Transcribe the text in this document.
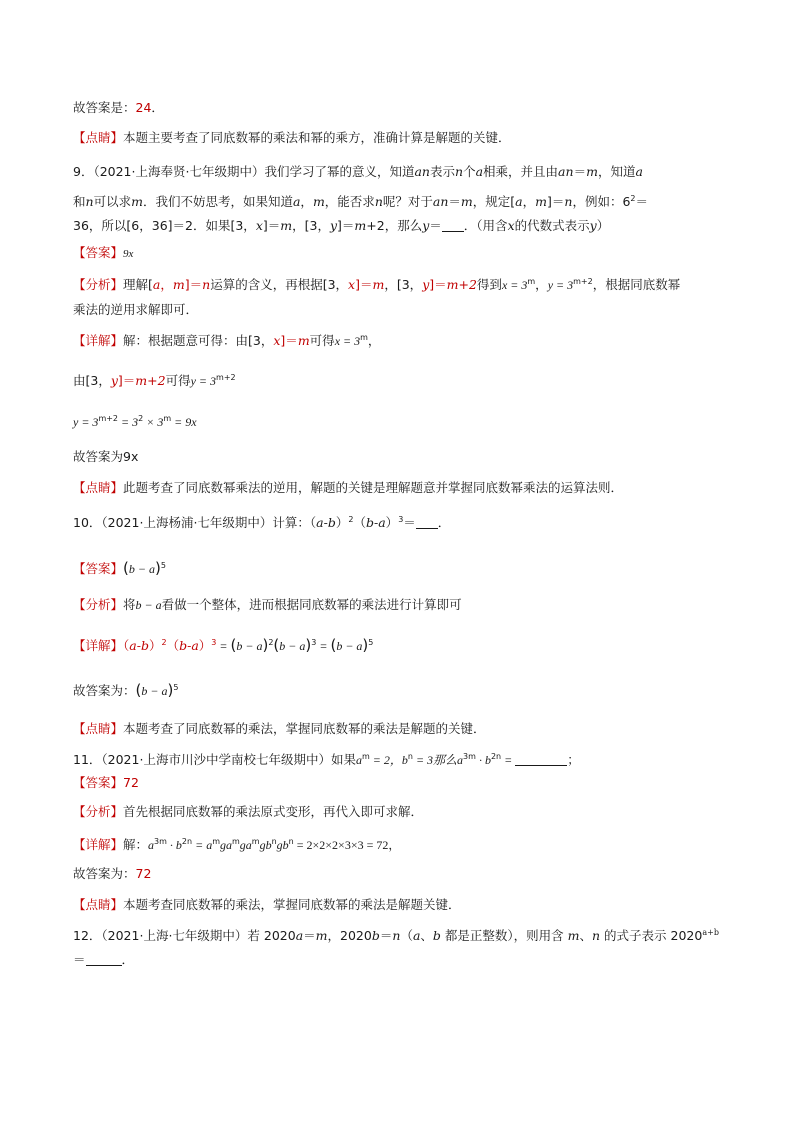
故答案是：24．
【点睛】本题主要考查了同底数幂的乘法和幂的乘方，准确计算是解题的关键．
9．（2021·上海奉贤·七年级期中）我们学习了幂的意义，知道an表示n个a相乘，并且由an＝m，知道a
和n可以求m．我们不妨思考，如果知道a，m，能否求n呢？对于an＝m，规定[a，m]＝n，例如：$6^2=$
36，所以[6，36]＝2．如果[3，x]＝m，[3，y]＝m+2，那么y＝ ．（用含x的代数式表示y）
【答案】9x
【分析】理解[a，m]＝n运算的含义，再根据[3，x]＝m，[3，y]＝m+2得到$x = 3^m$，$y = 3^{m+2}$，根据同底数幂
乘法的逆用求解即可．
【详解】解：根据题意可得：由[3，x]＝m可得$x = 3^m$，
由[3，y]＝m+2可得$y = 3^{m+2}$
$y = 3^{m+2} = 3^2 \times 3^m = 9x$
故答案为9x
【点睛】此题考查了同底数幂乘法的逆用，解题的关键是理解题意并掌握同底数幂乘法的运算法则．
10．（2021·上海杨浦·七年级期中）计算：$(a-b)^2(b-a)^3=$ ．
【答案】$(b - a)^5$
【分析】将b − a看做一个整体，进而根据同底数幂的乘法进行计算即可
【详解】$(a-b)^2(b-a)^3 = (b - a)^2(b - a)^3 = (b - a)^5$
故答案为：$(b - a)^5$
【点睛】本题考查了同底数幂的乘法，掌握同底数幂的乘法是解题的关键．
11．（2021·上海市川沙中学南校七年级期中）如果$a^m = 2$，$b^n = 3$那么$a^{3m} \cdot b^{2n}$ =	；
【答案】72
【分析】首先根据同底数幂的乘法原式变形，再代入即可求解．
【详解】解：$a^{3m} \cdot b^{2n} = a^mga^mga^mgb^ngb^n = 2\times 2\times 2\times 3\times 3 = 72$，
故答案为：72
【点睛】本题考查同底数幂的乘法，掌握同底数幂的乘法是解题关键．
12．（2021·上海·七年级期中）若 2020a＝m，2020b＝n（a、b 都是正整数），则用含 m、n 的式子表示 $2020^{a+b}$
＝	．
